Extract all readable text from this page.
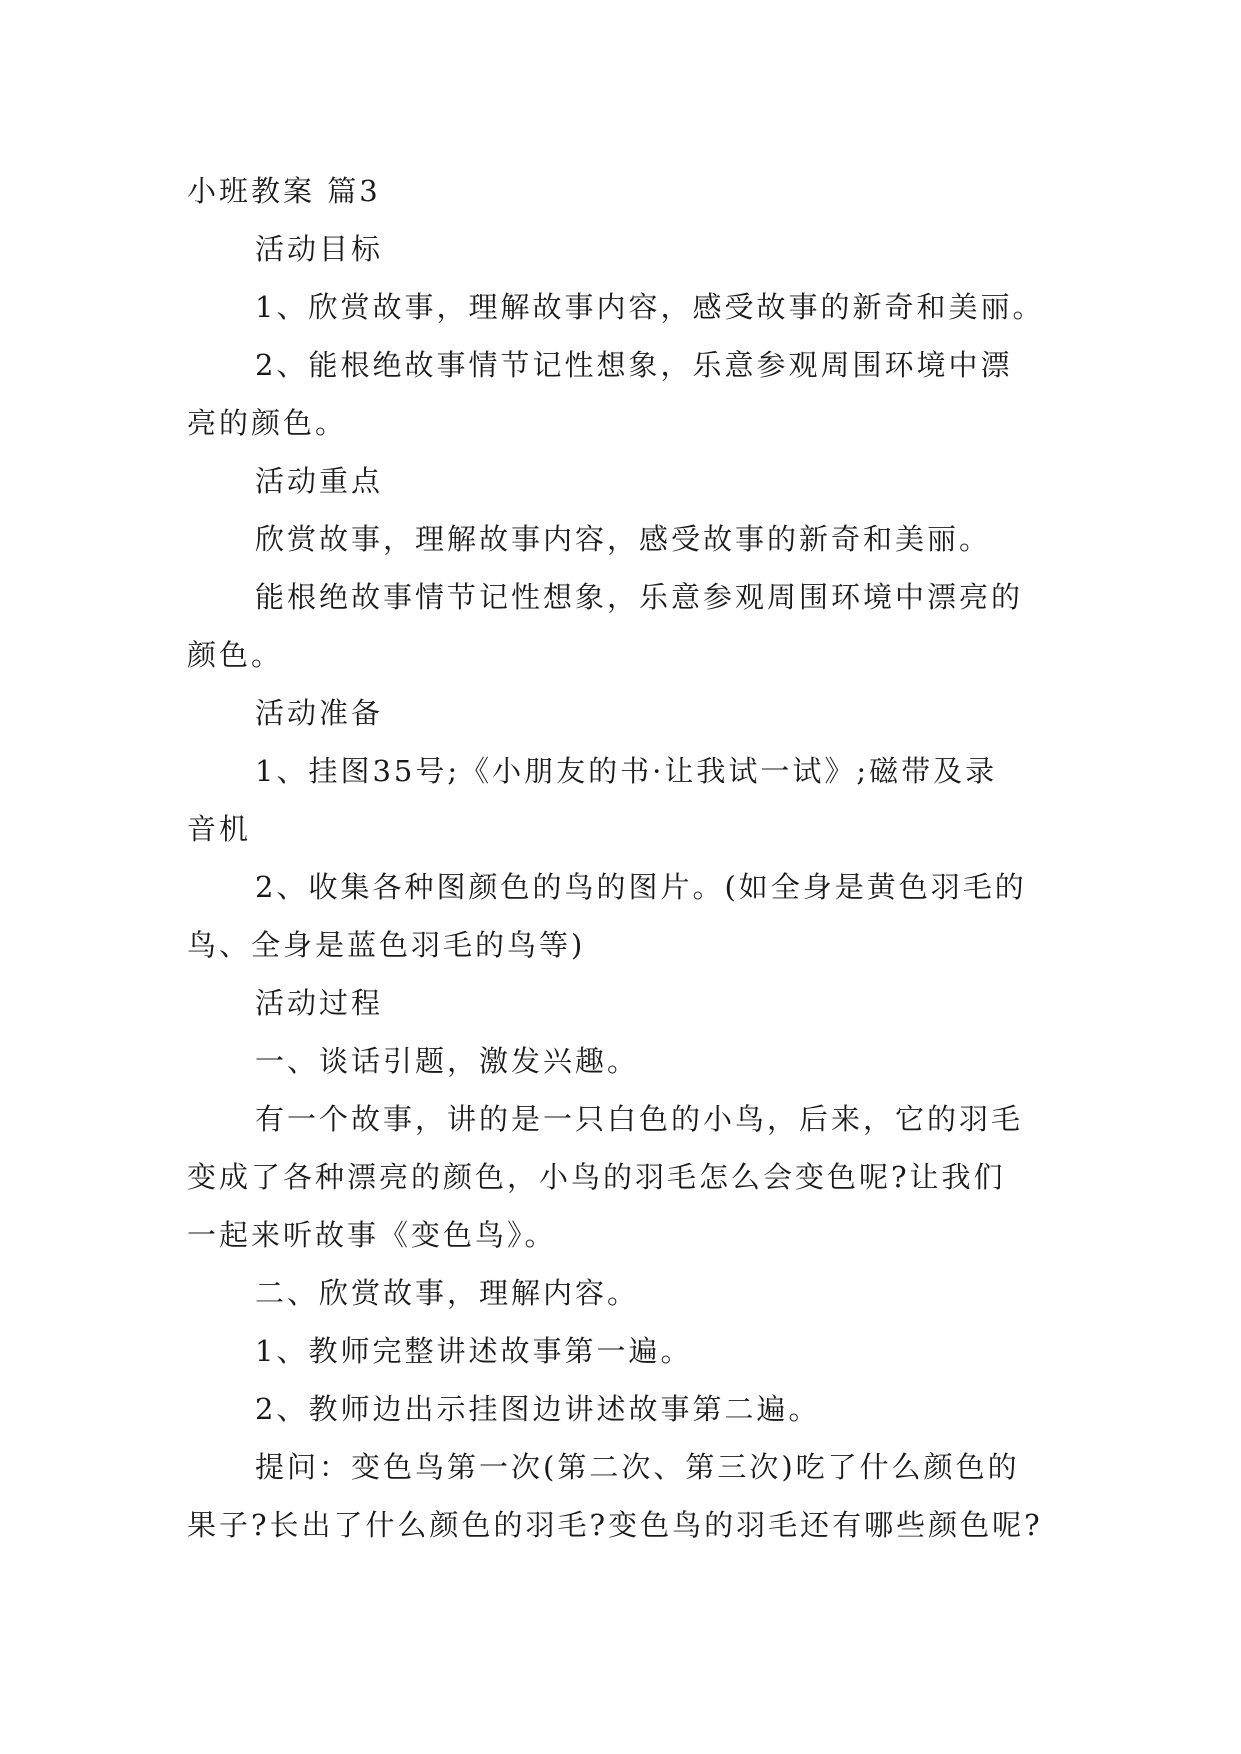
小班教案 篇3
活动目标
1、欣赏故事，理解故事内容，感受故事的新奇和美丽。
2、能根绝故事情节记性想象，乐意参观周围环境中漂
亮的颜色。
活动重点
欣赏故事，理解故事内容，感受故事的新奇和美丽。
能根绝故事情节记性想象，乐意参观周围环境中漂亮的
颜色。
活动准备
1、挂图35号;《小朋友的书·让我试一试》;磁带及录
音机
2、收集各种图颜色的鸟的图片。(如全身是黄色羽毛的
鸟、全身是蓝色羽毛的鸟等)
活动过程
一、谈话引题，激发兴趣。
有一个故事，讲的是一只白色的小鸟，后来，它的羽毛
变成了各种漂亮的颜色，小鸟的羽毛怎么会变色呢?让我们
一起来听故事《变色鸟》。
二、欣赏故事，理解内容。
1、教师完整讲述故事第一遍。
2、教师边出示挂图边讲述故事第二遍。
提问：变色鸟第一次(第二次、第三次)吃了什么颜色的
果子?长出了什么颜色的羽毛?变色鸟的羽毛还有哪些颜色呢?
